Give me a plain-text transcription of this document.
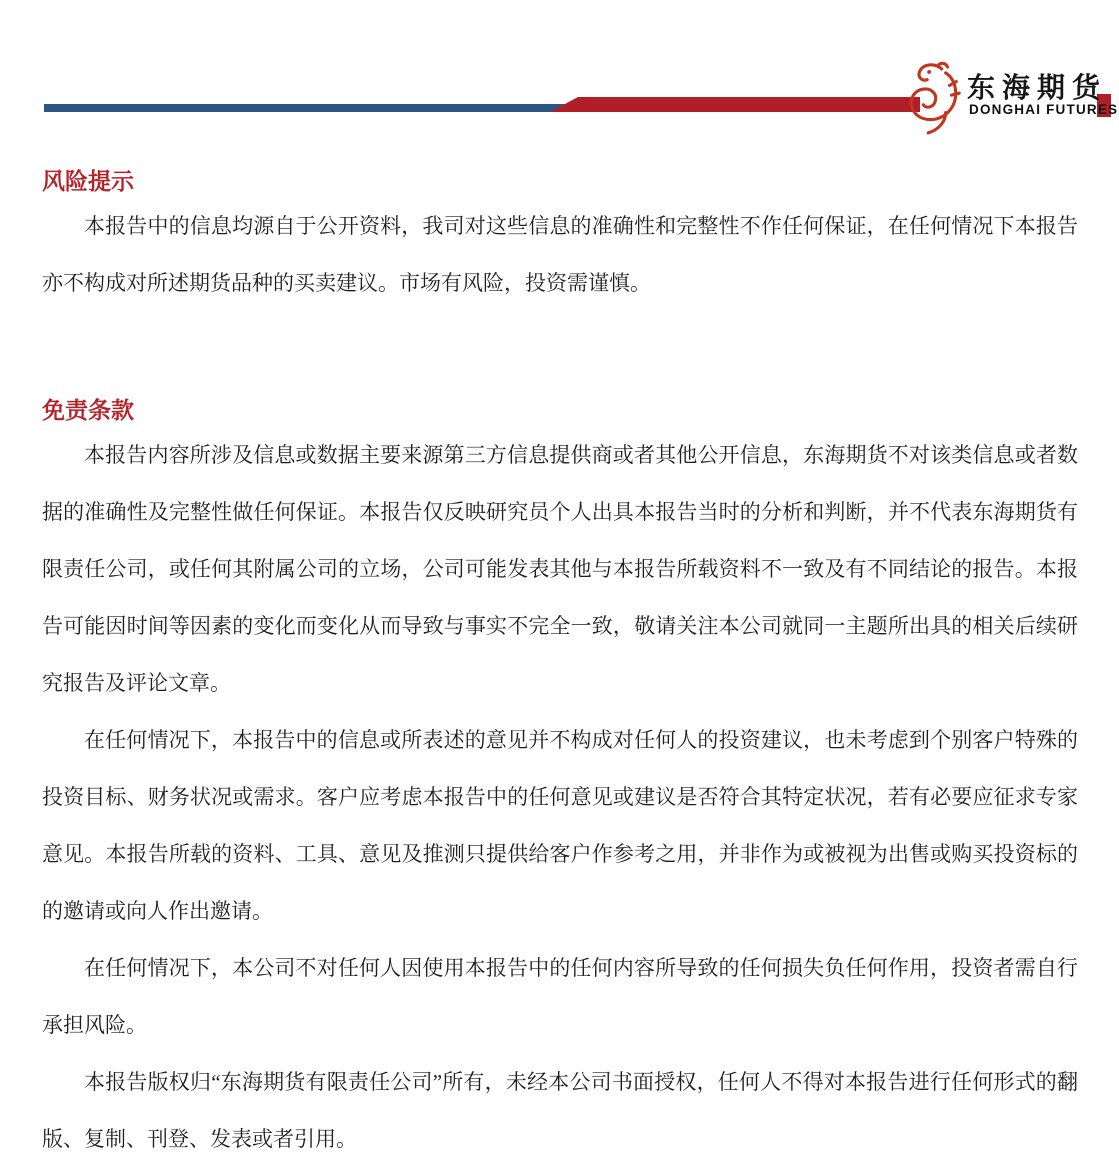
东海期货
DONGHAI FUTURES
风险提示

本报告中的信息均源自于公开资料，我司对这些信息的准确性和完整性不作任何保证，在任何情况下本报告亦不构成对所述期货品种的买卖建议。市场有风险，投资需谨慎。

免责条款

本报告内容所涉及信息或数据主要来源第三方信息提供商或者其他公开信息，东海期货不对该类信息或者数据的准确性及完整性做任何保证。本报告仅反映研究员个人出具本报告当时的分析和判断，并不代表东海期货有限责任公司，或任何其附属公司的立场，公司可能发表其他与本报告所载资料不一致及有不同结论的报告。本报告可能因时间等因素的变化而变化从而导致与事实不完全一致，敬请关注本公司就同一主题所出具的相关后续研究报告及评论文章。

在任何情况下，本报告中的信息或所表述的意见并不构成对任何人的投资建议，也未考虑到个别客户特殊的投资目标、财务状况或需求。客户应考虑本报告中的任何意见或建议是否符合其特定状况，若有必要应征求专家意见。本报告所载的资料、工具、意见及推测只提供给客户作参考之用，并非作为或被视为出售或购买投资标的的邀请或向人作出邀请。

在任何情况下，本公司不对任何人因使用本报告中的任何内容所导致的任何损失负任何作用，投资者需自行承担风险。

本报告版权归“东海期货有限责任公司”所有，未经本公司书面授权，任何人不得对本报告进行任何形式的翻版、复制、刊登、发表或者引用。
